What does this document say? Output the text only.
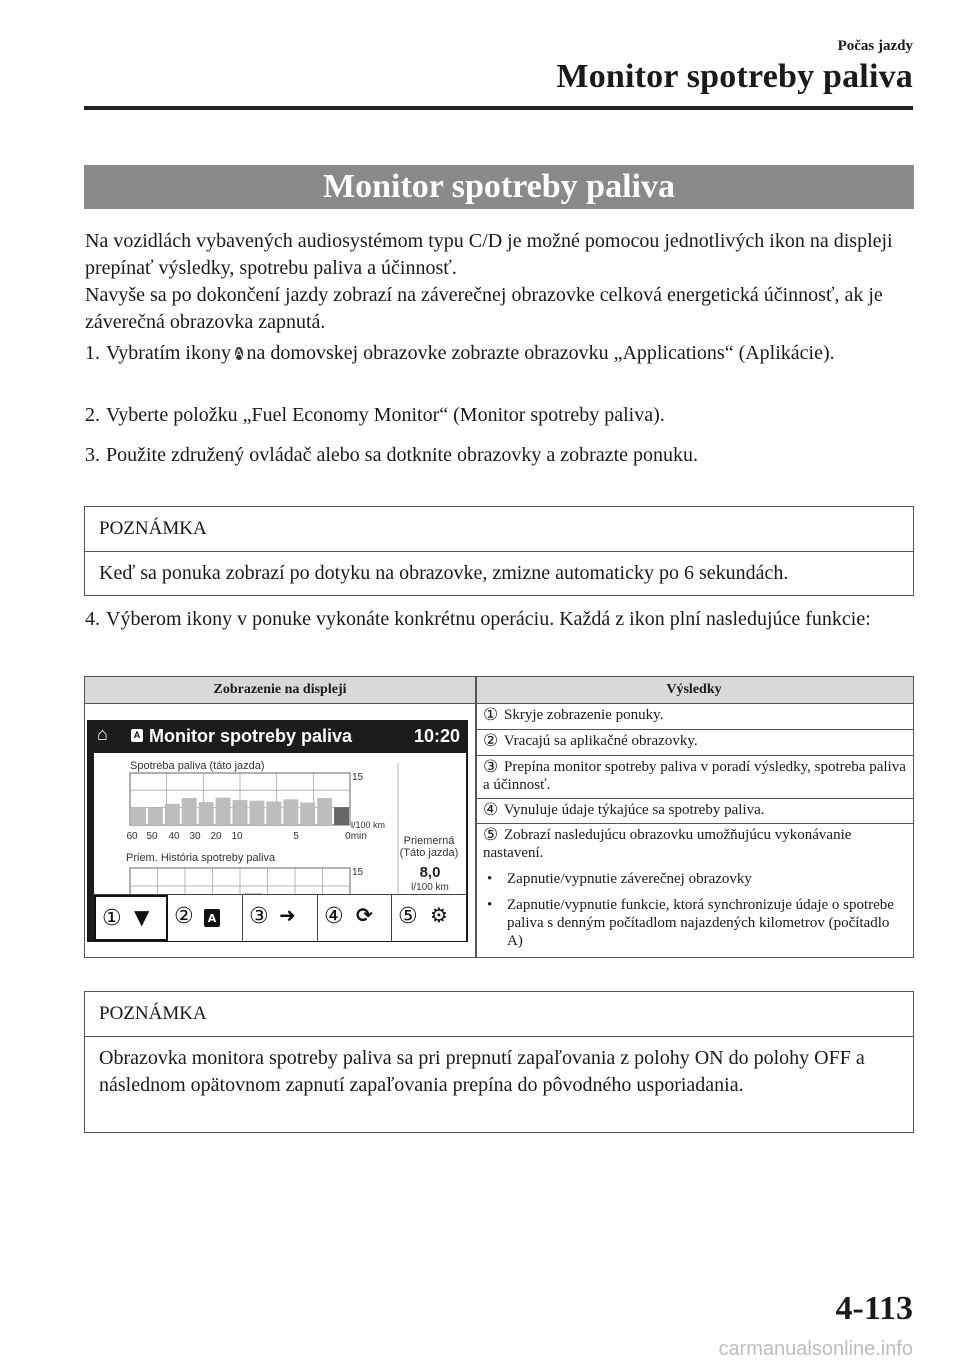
Počas jazdy
Monitor spotreby paliva
Monitor spotreby paliva

Na vozidlách vybavených audiosystémom typu C/D je možné pomocou jednotlivých ikon na displeji prepínať výsledky, spotrebu paliva a účinnosť.

Navyše sa po dokončení jazdy zobrazí na záverečnej obrazovke celková energetická účinnosť, ak je záverečná obrazovka zapnutá.

1. Vybratím ikony A na domovskej obrazovke zobrazte obrazovku „Applications“ (Aplikácie).
2. Vyberte položku „Fuel Economy Monitor“ (Monitor spotreby paliva).
3. Použite združený ovládač alebo sa dotknite obrazovky a zobrazte ponuku.
POZNÁMKA
Keď sa ponuka zobrazí po dotyku na obrazovke, zmizne automaticky po 6 sekundách.
4. Výberom ikony v ponuke vykonáte konkrétnu operáciu. Každá z ikon plní nasledujúce funkcie:
Zobrazenie na displeji	Výsledky
① Skryje zobrazenie ponuky.
② Vracajú sa aplikačné obrazovky.
③ Prepína monitor spotreby paliva v poradí výsledky, spotreba paliva a účinnosť.
④ Vynuluje údaje týkajúce sa spotreby paliva.
⑤ Zobrazí nasledujúcu obrazovku umožňujúcu vykonávanie nastavení.
• Zapnutie/vypnutie záverečnej obrazovky
• Zapnutie/vypnutie funkcie, ktorá synchronizuje údaje o spotrebe paliva s denným počítadlom najazdených kilometrov (počítadlo A)
⌂	A Monitor spotreby paliva	10:20
Spotreba paliva (táto jazda)
15
l/100 km
60 50 40 30 20 10	5	0min	Priemerná
(Táto jazda)
8,0
l/100 km
Priem. História spotreby paliva
15
① ▼ ②	A ③ ➜ ④ ⟳ ⑤ ⚙
POZNÁMKA
Obrazovka monitora spotreby paliva sa pri prepnutí zapaľovania z polohy ON do polohy OFF a následnom opätovnom zapnutí zapaľovania prepína do pôvodného usporiadania.
4-113
carmanualsonline.info
